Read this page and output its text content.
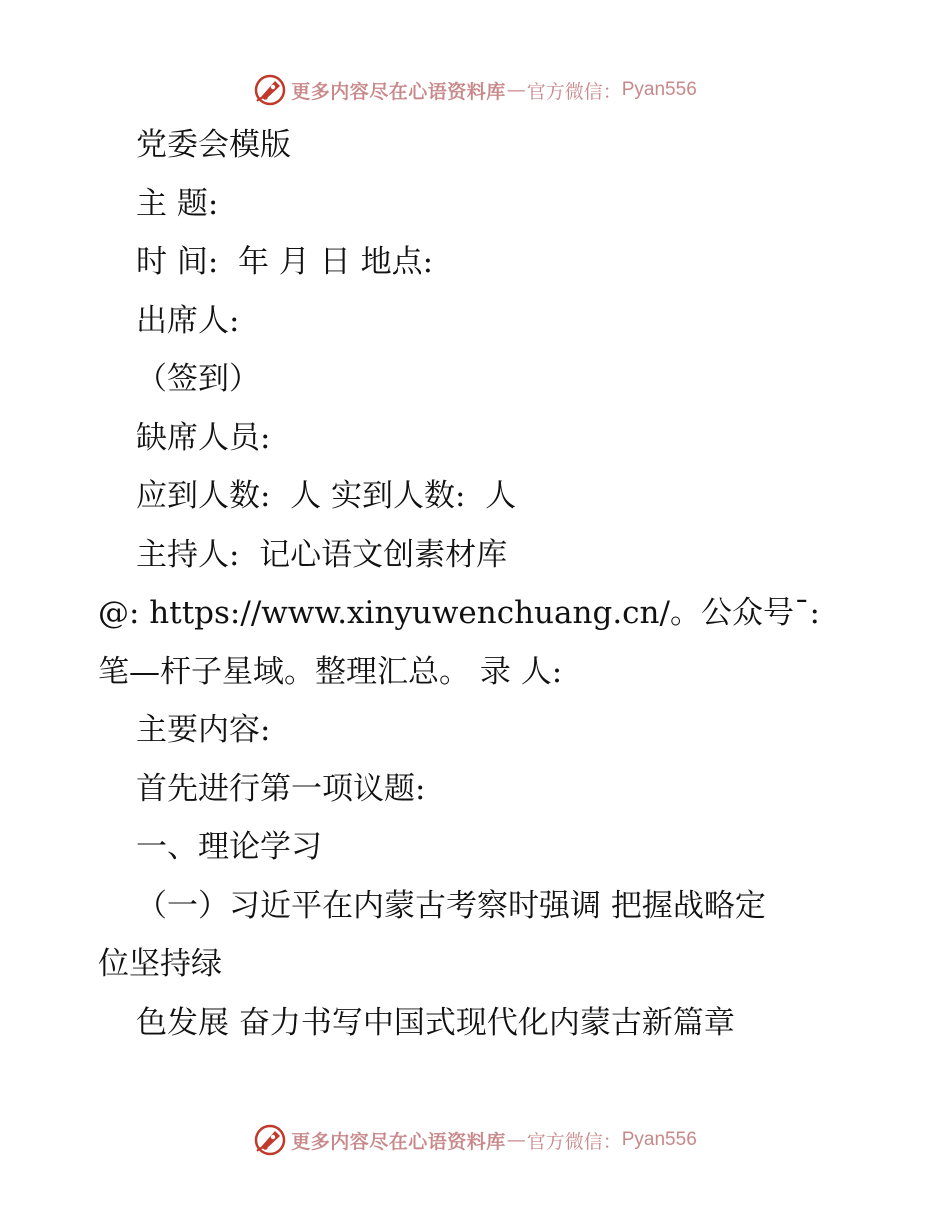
更多内容尽在心语资料库 — 官方微信： Pyan556
党委会模版
主 题:
时 间:  年 月 日 地点:
出席人:
（签到）
缺席人员:
应到人数:  人 实到人数:  人
主持人:  记心语文创素材库
@: https://www.xinyuwenchuang.cn/。公众号¯:
笔—杆子星域。整理汇总。 录 人:
主要内容:
首先进行第一项议题:
一、理论学习
（一）习近平在内蒙古考察时强调 把握战略定
位坚持绿
色发展 奋力书写中国式现代化内蒙古新篇章
更多内容尽在心语资料库 — 官方微信： Pyan556
